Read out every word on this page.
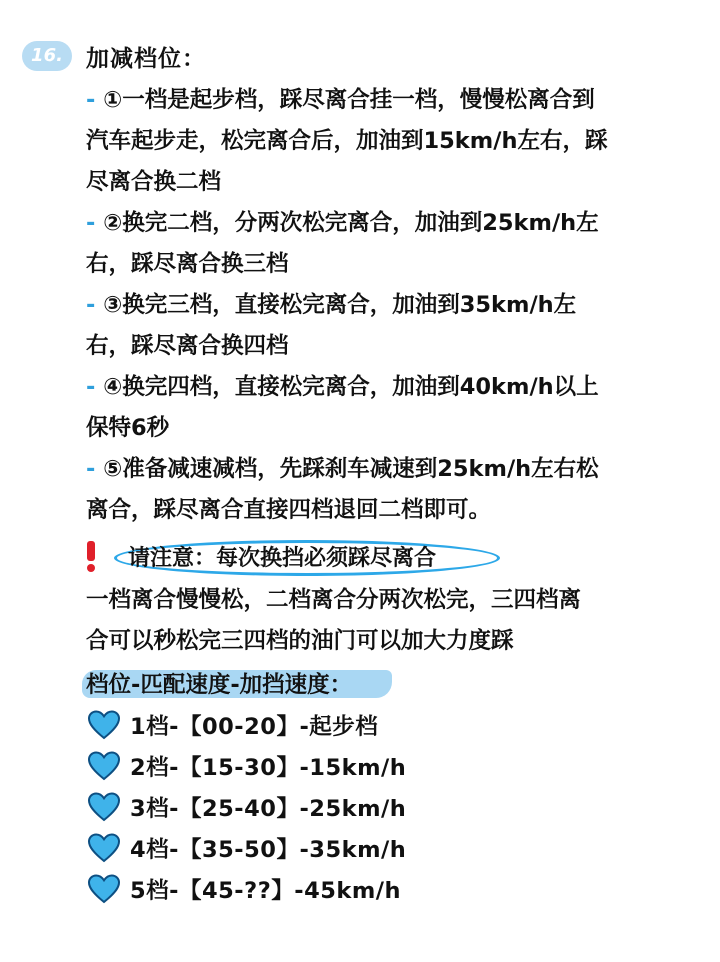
16.	加减档位：

- ①一档是起步档，踩尽离合挂一档，慢慢松离合到

汽车起步走，松完离合后，加油到15km/h左右，踩

尽离合换二档

- ②换完二档，分两次松完离合，加油到25km/h左

右，踩尽离合换三档

- ③换完三档，直接松完离合，加油到35km/h左

右，踩尽离合换四档

- ④换完四档，直接松完离合，加油到40km/h以上

保特6秒

- ⑤准备减速减档，先踩刹车减速到25km/h左右松

离合，踩尽离合直接四档退回二档即可。

请注意：每次换挡必须踩尽离合

一档离合慢慢松，二档离合分两次松完，三四档离

合可以秒松完三四档的油门可以加大力度踩

档位-匹配速度-加挡速度：
1档-【00-20】-起步档
2档-【15-30】-15km/h
3档-【25-40】-25km/h
4档-【35-50】-35km/h
5档-【45-??】-45km/h
